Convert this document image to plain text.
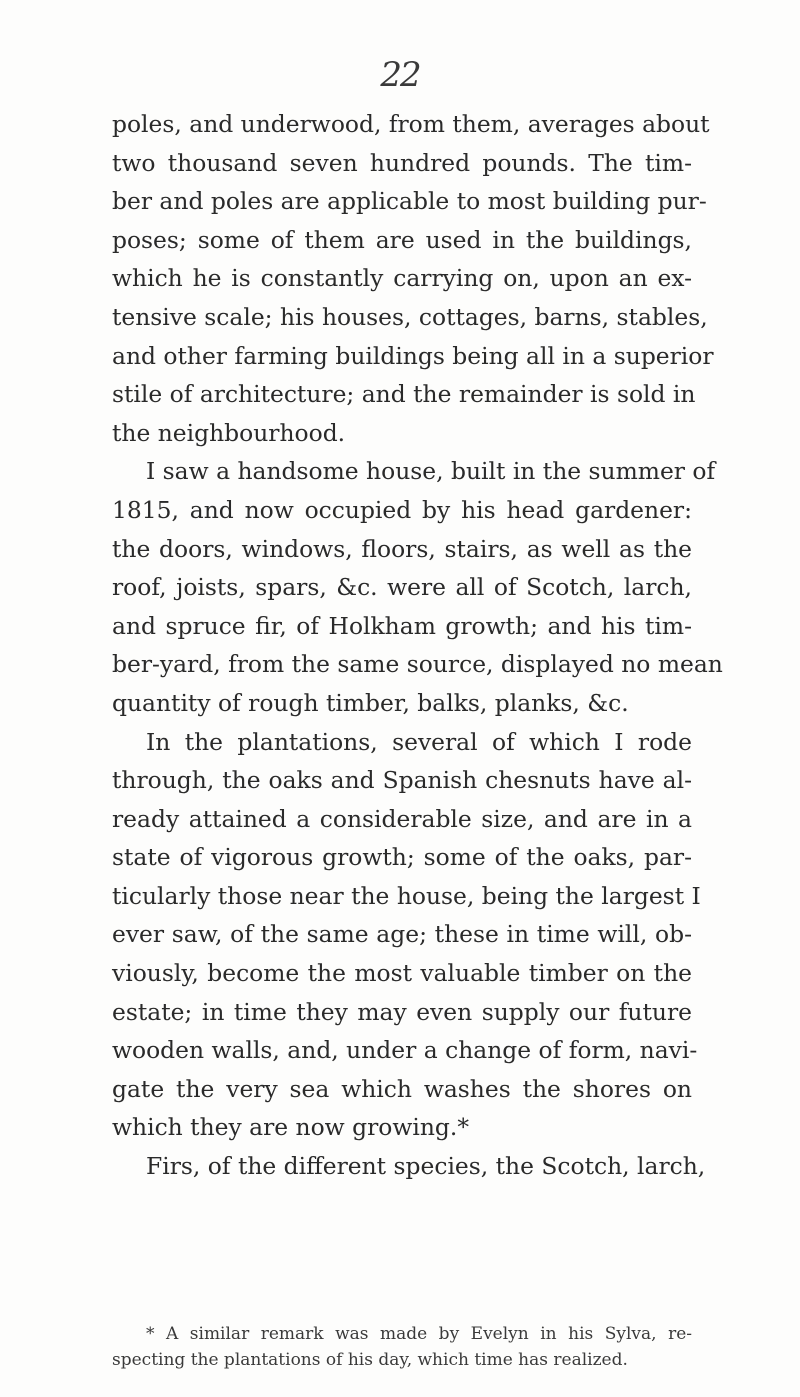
22
poles, and underwood, from them, averages about
two thousand seven hundred pounds. The tim-
ber and poles are applicable to most building pur-
poses; some of them are used in the buildings,
which he is constantly carrying on, upon an ex-
tensive scale; his houses, cottages, barns, stables,
and other farming buildings being all in a superior
stile of architecture; and the remainder is sold in
the neighbourhood.
I saw a handsome house, built in the summer of
1815, and now occupied by his head gardener:
the doors, windows, floors, stairs, as well as the
roof, joists, spars, &c. were all of Scotch, larch,
and spruce fir, of Holkham growth; and his tim-
ber-yard, from the same source, displayed no mean
quantity of rough timber, balks, planks, &c.
In the plantations, several of which I rode
through, the oaks and Spanish chesnuts have al-
ready attained a considerable size, and are in a
state of vigorous growth; some of the oaks, par-
ticularly those near the house, being the largest I
ever saw, of the same age; these in time will, ob-
viously, become the most valuable timber on the
estate; in time they may even supply our future
wooden walls, and, under a change of form, navi-
gate the very sea which washes the shores on
which they are now growing.*
Firs, of the different species, the Scotch, larch,
* A similar remark was made by Evelyn in his Sylva, re-
specting the plantations of his day, which time has realized.
